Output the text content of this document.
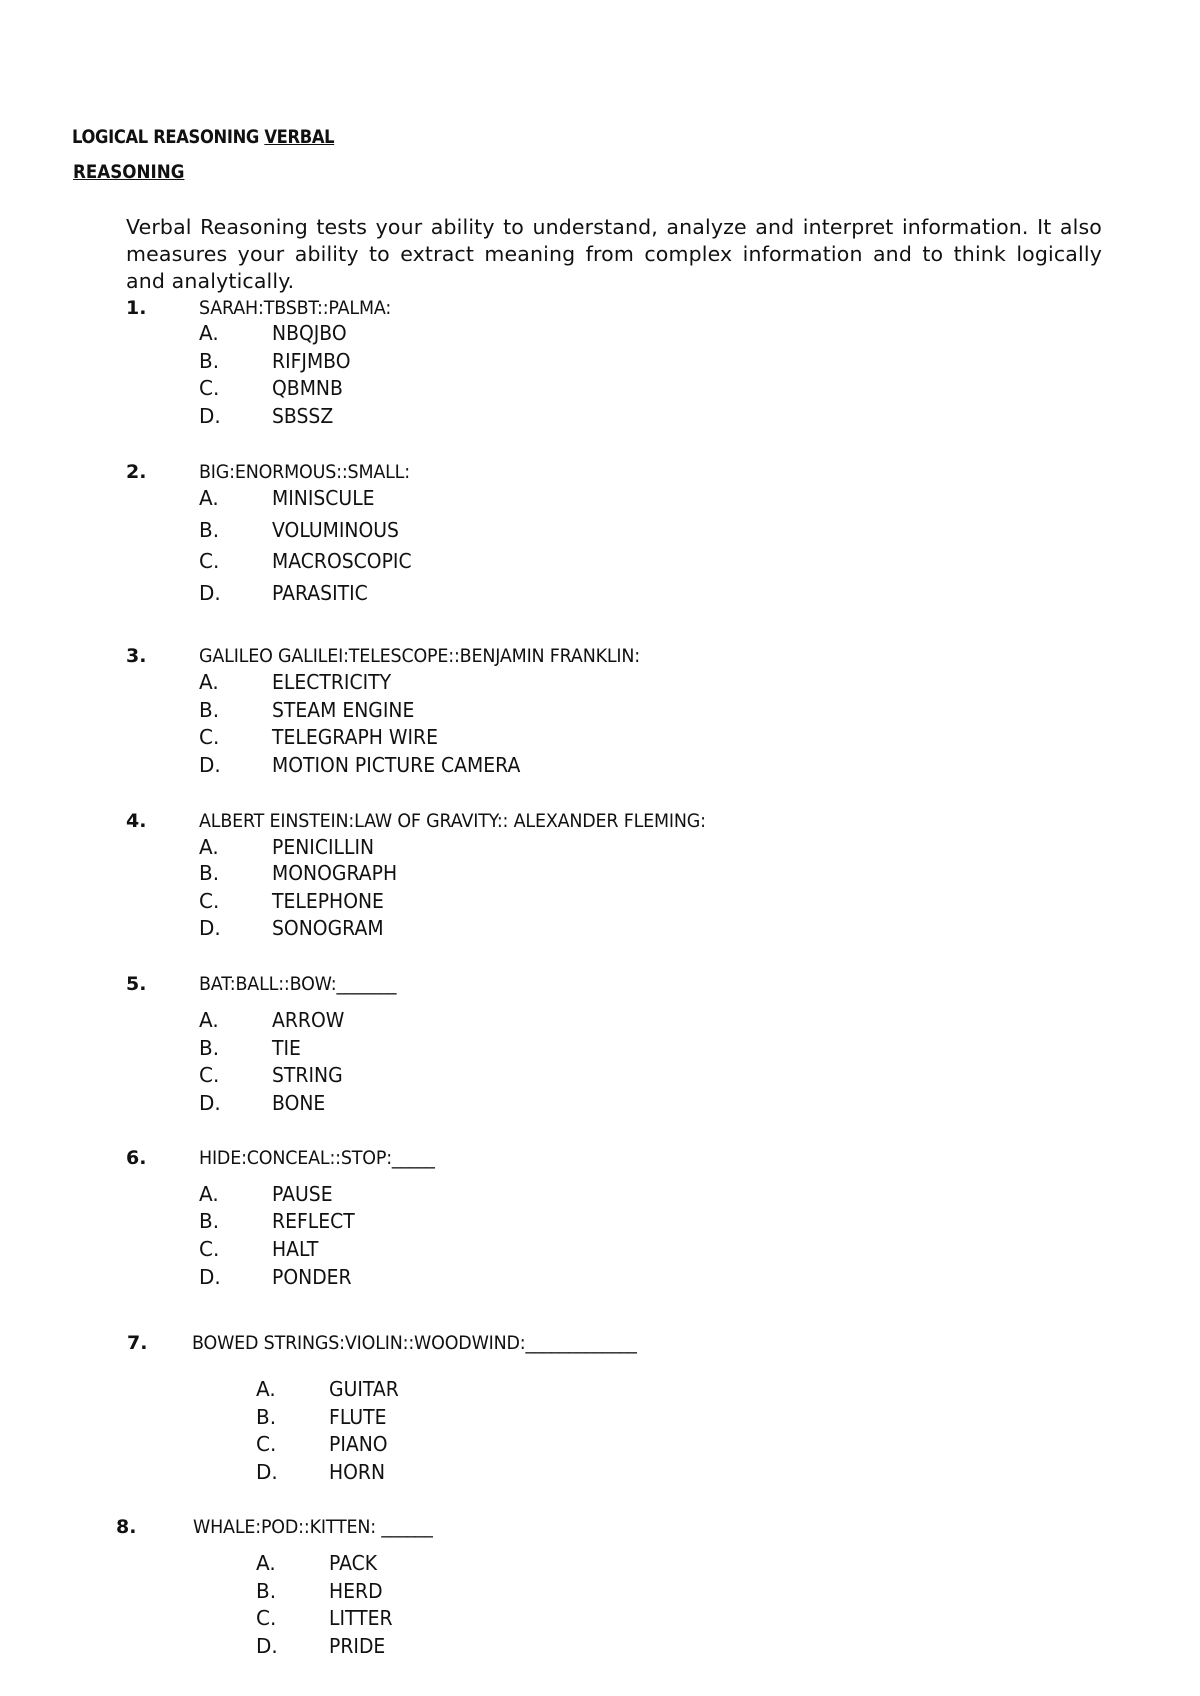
LOGICAL REASONING VERBAL
REASONING

Verbal Reasoning tests your ability to understand, analyze and interpret information. It also measures your ability to extract meaning from complex information and to think logically and analytically.

1.	SARAH:TBSBT::PALMA:
A.	NBQJBO
B.	RIFJMBO
C.	QBMNB
D.	SBSSZ
2.	BIG:ENORMOUS::SMALL:
A.	MINISCULE
B.	VOLUMINOUS
C.	MACROSCOPIC
D.	PARASITIC
3.	GALILEO GALILEI:TELESCOPE::BENJAMIN FRANKLIN:
A.	ELECTRICITY
B.	STEAM ENGINE
C.	TELEGRAPH WIRE
D.	MOTION PICTURE CAMERA
4.	ALBERT EINSTEIN:LAW OF GRAVITY:: ALEXANDER FLEMING:
A.	PENICILLIN
B.	MONOGRAPH
C.	TELEPHONE
D.	SONOGRAM
5.	BAT:BALL::BOW:_______
A.	ARROW
B.	TIE
C.	STRING
D.	BONE
6.	HIDE:CONCEAL::STOP:_____
A.	PAUSE
B.	REFLECT
C.	HALT
D.	PONDER
7. BOWED STRINGS:VIOLIN::WOODWIND:_____________
A.	GUITAR
B.	FLUTE
C.	PIANO
D.	HORN
8.	WHALE:POD::KITTEN: ______
A.	PACK
B.	HERD
C.	LITTER
D.	PRIDE
